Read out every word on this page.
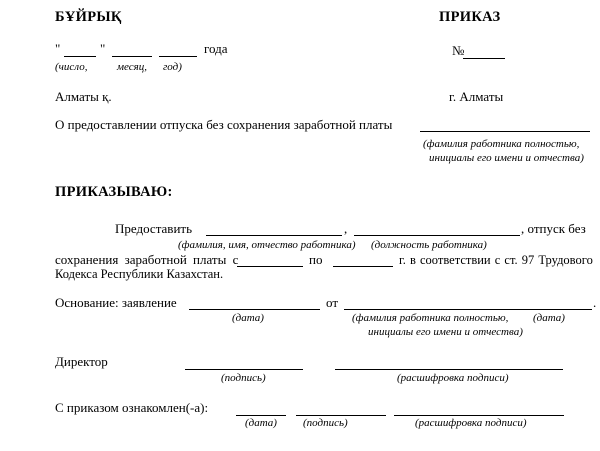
БҰЙРЫҚ	ПРИКАЗ
"	"	года	№
(число,	месяц, год)
Алматы қ.	г. Алматы
О предоставлении отпуска без сохранения заработной платы
(фамилия работника полностью,
инициалы его имени и отчества)
ПРИКАЗЫВАЮ:
Предоставить	,	, отпуск без
(фамилия, имя, отчество работника) (должность работника)
сохранения заработной платы с	по	г. в соответствии с ст. 97 Трудового
Кодекса Республики Казахстан.
Основание: заявление	от	.
(дата)	(фамилия работника полностью, (дата)
инициалы его имени и отчества)
Директор
(подпись)	(расшифровка подписи)
С приказом ознакомлен(-а):
(дата) (подпись)	(расшифровка подписи)
